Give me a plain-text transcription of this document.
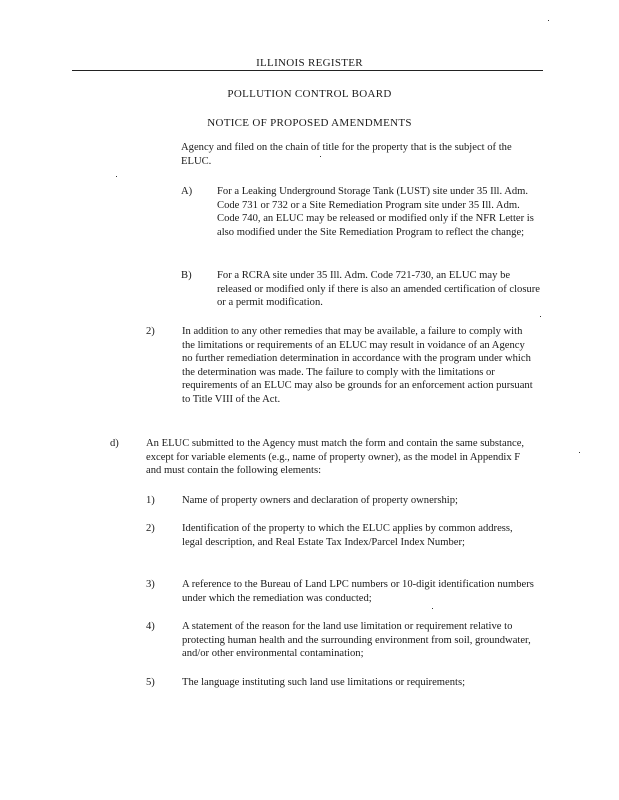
ILLINOIS REGISTER
POLLUTION CONTROL BOARD
NOTICE OF PROPOSED AMENDMENTS
Agency and filed on the chain of title for the property that is the subject of the ELUC.
A) For a Leaking Underground Storage Tank (LUST) site under 35 Ill. Adm. Code 731 or 732 or a Site Remediation Program site under 35 Ill. Adm. Code 740, an ELUC may be released or modified only if the NFR Letter is also modified under the Site Remediation Program to reflect the change;
B) For a RCRA site under 35 Ill. Adm. Code 721-730, an ELUC may be released or modified only if there is also an amended certification of closure or a permit modification.
2)	In addition to any other remedies that may be available, a failure to comply with the limitations or requirements of an ELUC may result in voidance of an Agency no further remediation determination in accordance with the program under which the determination was made. The failure to comply with the limitations or requirements of an ELUC may also be grounds for an enforcement action pursuant to Title VIII of the Act.
d)	An ELUC submitted to the Agency must match the form and contain the same substance, except for variable elements (e.g., name of property owner), as the model in Appendix F and must contain the following elements:
1)	Name of property owners and declaration of property ownership;
2)	Identification of the property to which the ELUC applies by common address, legal description, and Real Estate Tax Index/Parcel Index Number;
3)	A reference to the Bureau of Land LPC numbers or 10-digit identification numbers under which the remediation was conducted;
4)	A statement of the reason for the land use limitation or requirement relative to protecting human health and the surrounding environment from soil, groundwater, and/or other environmental contamination;
5)	The language instituting such land use limitations or requirements;
